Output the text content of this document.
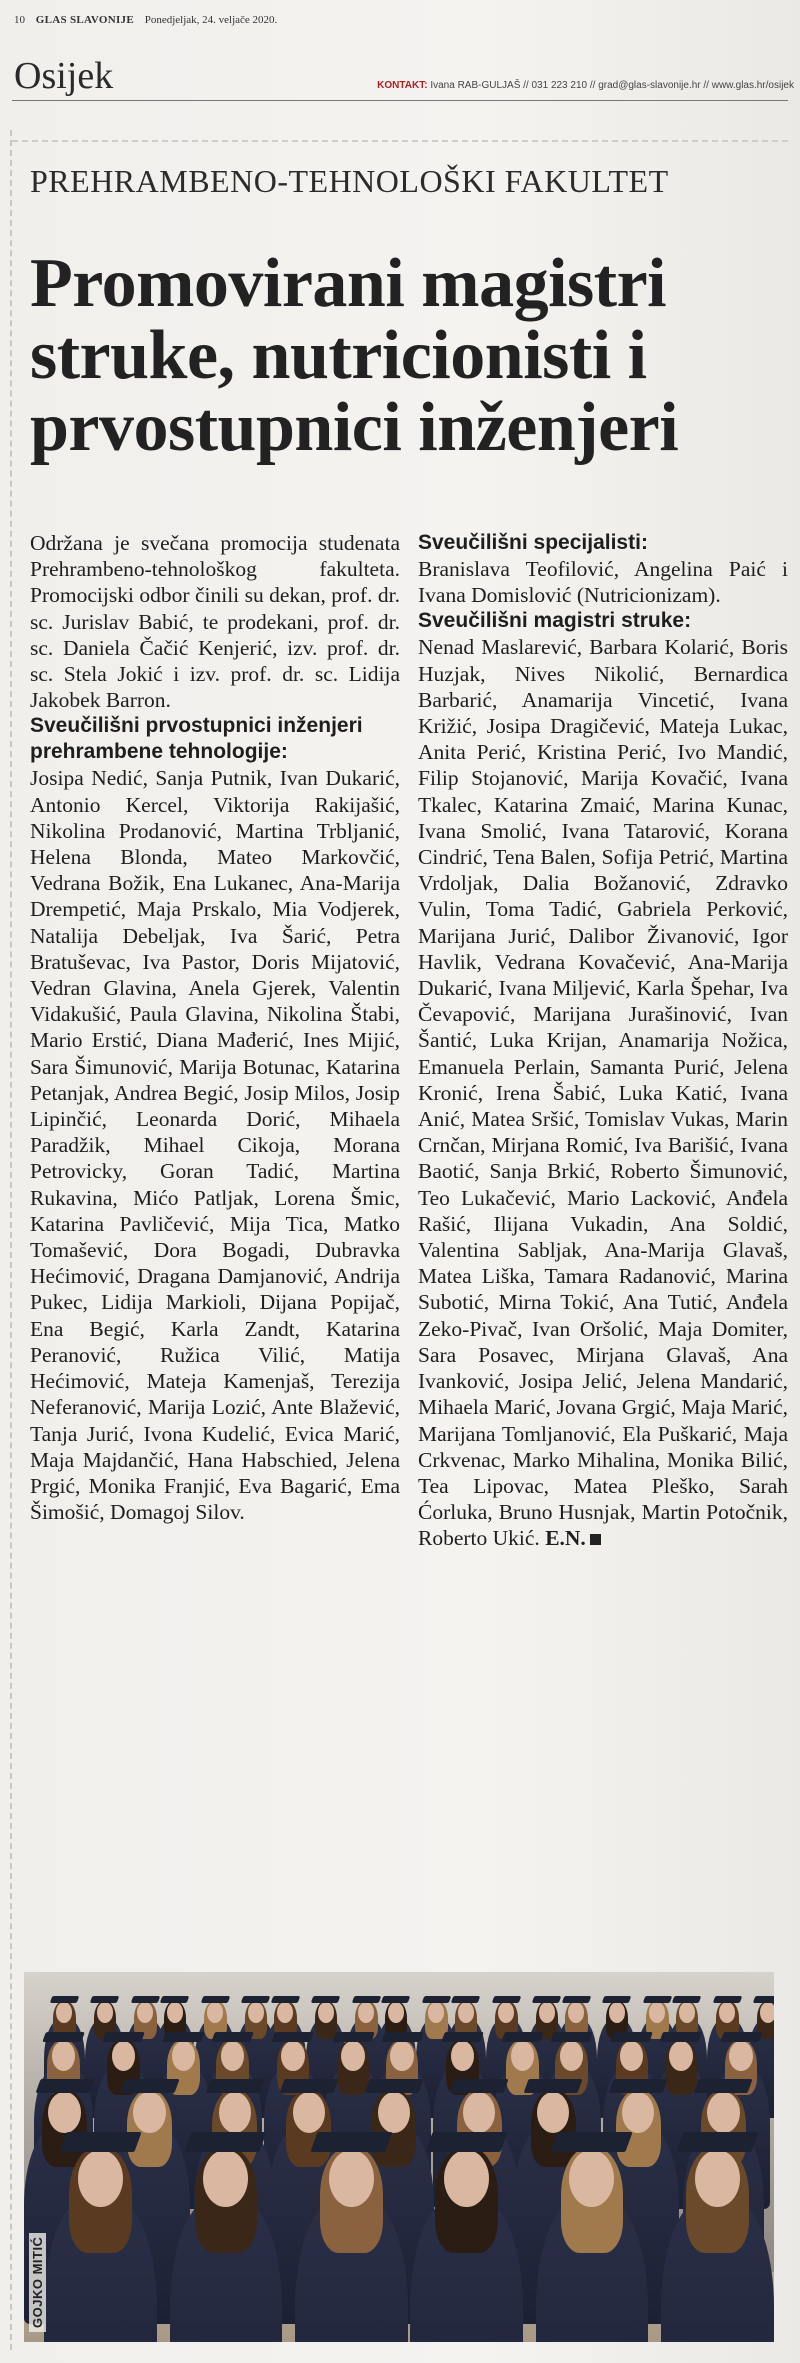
10 GLAS SLAVONIJE Ponedjeljak, 24. veljače 2020.
Osijek	KONTAKT: Ivana RAB-GULJAŠ // 031 223 210 // grad@glas-slavonije.hr // www.glas.hr/osijek
PREHRAMBENO-TEHNOLOŠKI FAKULTET
Promovirani magistri struke, nutricionisti i prvostupnici inženjeri

Održana je svečana promocija studenata Prehrambeno-tehnološkog fakulteta. Promocijski odbor činili su dekan, prof. dr. sc. Jurislav Babić, te prodekani, prof. dr. sc. Daniela Čačić Kenjerić, izv. prof. dr. sc. Stela Jokić i izv. prof. dr. sc. Lidija Jakobek Barron.

Sveučilišni prvostupnici inženjeri prehrambene tehnologije:

Josipa Nedić, Sanja Putnik, Ivan Dukarić, Antonio Kercel, Viktorija Rakijašić, Nikolina Prodanović, Martina Trbljanić, Helena Blonda, Mateo Markovčić, Vedrana Božik, Ena Lukanec, Ana-Marija Drempetić, Maja Prskalo, Mia Vodjerek, Natalija Debeljak, Iva Šarić, Petra Bratuševac, Iva Pastor, Doris Mijatović, Vedran Glavina, Anela Gjerek, Valentin Vidakušić, Paula Glavina, Nikolina Štabi, Mario Erstić, Diana Mađerić, Ines Mijić, Sara Šimunović, Marija Botunac, Katarina Petanjak, Andrea Begić, Josip Milos, Josip Lipinčić, Leonarda Dorić, Mihaela Paradžik, Mihael Cikoja, Morana Petrovicky, Goran Tadić, Martina Rukavina, Mićo Patljak, Lorena Šmic, Katarina Pavličević, Mija Tica, Matko Tomašević, Dora Bogadi, Dubravka Hećimović, Dragana Damjanović, Andrija Pukec, Lidija Markioli, Dijana Popijač, Ena Begić, Karla Zandt, Katarina Peranović, Ružica Vilić, Matija Hećimović, Mateja Kamenjaš, Terezija Neferanović, Marija Lozić, Ante Blažević, Tanja Jurić, Ivona Kudelić, Evica Marić, Maja Majdančić, Hana Habschied, Jelena Prgić, Monika Franjić, Eva Bagarić, Ema Šimošić, Domagoj Silov.

Sveučilišni specijalisti:

Branislava Teofilović, Angelina Paić i Ivana Domislović (Nutricionizam).

Sveučilišni magistri struke:

Nenad Maslarević, Barbara Kolarić, Boris Huzjak, Nives Nikolić, Bernardica Barbarić, Anamarija Vincetić, Ivana Križić, Josipa Dragičević, Mateja Lukac, Anita Perić, Kristina Perić, Ivo Mandić, Filip Stojanović, Marija Kovačić, Ivana Tkalec, Katarina Zmaić, Marina Kunac, Ivana Smolić, Ivana Tatarović, Korana Cindrić, Tena Balen, Sofija Petrić, Martina Vrdoljak, Dalia Božanović, Zdravko Vulin, Toma Tadić, Gabriela Perković, Marijana Jurić, Dalibor Živanović, Igor Havlik, Vedrana Kovačević, Ana-Marija Dukarić, Ivana Miljević, Karla Špehar, Iva Čevapović, Marijana Jurašinović, Ivan Šantić, Luka Krijan, Anamarija Nožica, Emanuela Perlain, Samanta Purić, Jelena Kronić, Irena Šabić, Luka Katić, Ivana Anić, Mateа Sršić, Tomislav Vukas, Marin Crnčan, Mirjana Romić, Iva Barišić, Ivana Baotić, Sanja Brkić, Roberto Šimunović, Teo Lukačević, Mario Lacković, Anđela Rašić, Ilijana Vukadin, Ana Soldić, Valentina Sabljak, Ana-Marija Glavaš, Matea Liška, Tamara Radanović, Marina Subotić, Mirna Tokić, Ana Tutić, Anđela Zeko-Pivač, Ivan Oršolić, Maja Domiter, Sara Posavec, Mirjana Glavaš, Ana Ivanković, Josipa Jelić, Jelena Mandarić, Mihaela Marić, Jovana Grgić, Maja Marić, Marijana Tomljanović, Ela Puškarić, Maja Crkvenac, Marko Mihalina, Monika Bilić, Tea Lipovac, Matea Pleško, Sarah Ćorluka, Bruno Husnjak, Martin Potočnik, Roberto Ukić. E.N.

GOJKO MITIĆ
